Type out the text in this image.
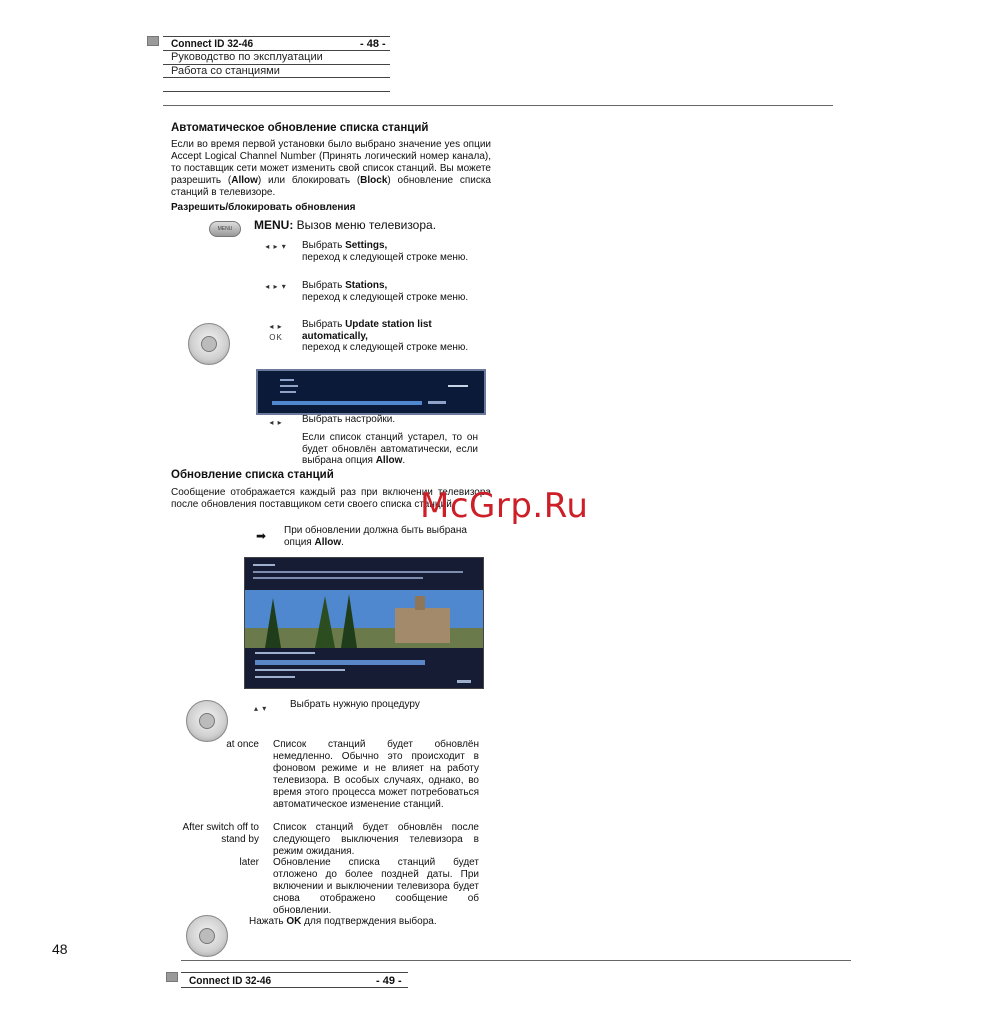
Connect ID 32-46	- 48 -
Руководство по эксплуатации
Работа со станциями
Автоматическое обновление списка станций
Если во время первой установки было выбрано значение yes опции Accept Logical Channel Number (Принять логический номер канала), то поставщик сети может изменить свой список станций. Вы можете разрешить (Allow) или блокировать (Block) обновление списка станций в телевизоре.
Разрешить/блокировать обновления
MENU	MENU: Вызов меню телевизора.
◂ ▸ ▾	Выбрать Settings,
переход к следующей строке меню.
◂ ▸ ▾	Выбрать Stations,
переход к следующей строке меню.
◂ ▸ OK
Выбрать Update station list automatically,
переход к следующей строке меню.
◂ ▸	Выбрать настройки.
Если список станций устарел, то он будет обновлён автоматически, если выбрана опция Allow.
Обновление списка станций
Сообщение отображается каждый раз при включении телевизора после обновления поставщиком сети своего списка станций.
➡ При обновлении должна быть выбрана опция Allow.
▴ ▾ Выбрать нужную процедуру
at once Список станций будет обновлён немедленно. Обычно это происходит в фоновом режиме и не влияет на работу телевизора. В особых случаях, однако, во время этого процесса может потребоваться автоматическое изменение станций.
After switch off to stand by
Список станций будет обновлён после следующего выключения телевизора в режим ожидания.
later Обновление списка станций будет отложено до более поздней даты. При включении и выключении телевизора будет снова отображено сообщение об обновлении.
Нажать OK для подтверждения выбора.
McGrp.Ru
48
Connect ID 32-46	- 49 -
